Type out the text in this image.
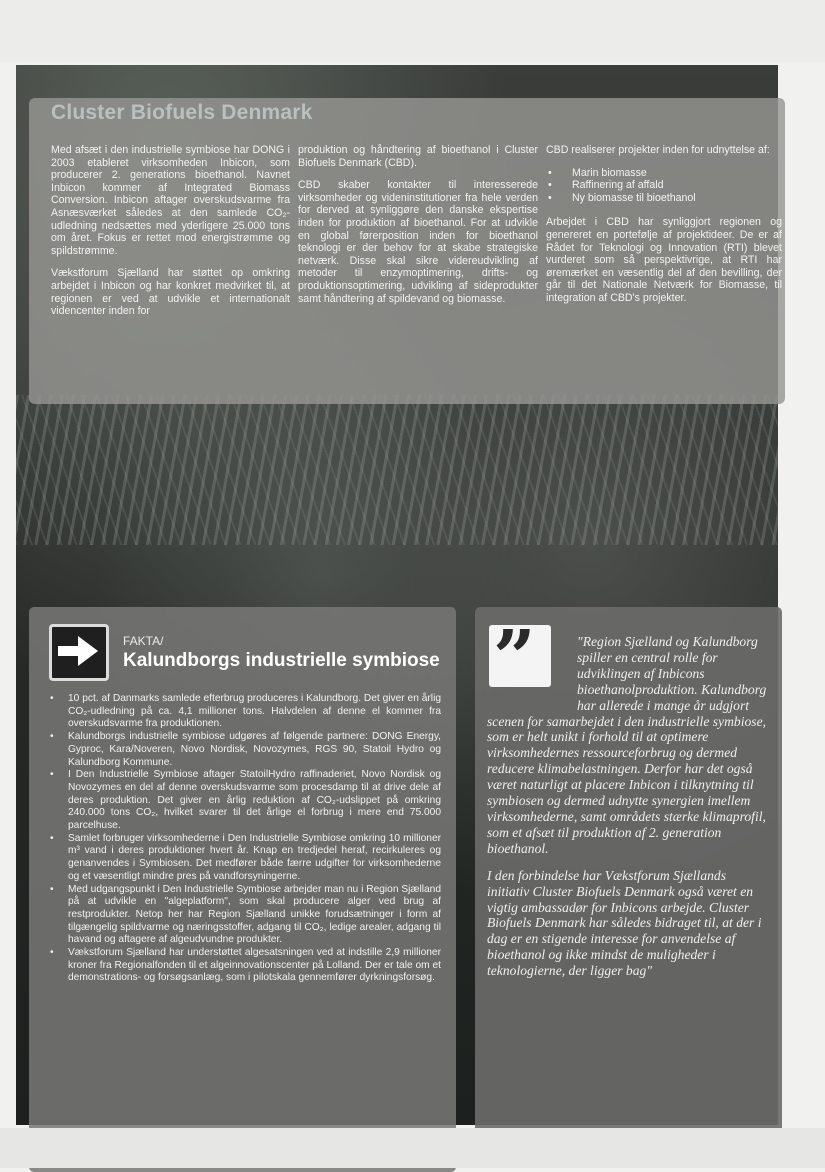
Cluster Biofuels Denmark

Med afsæt i den industrielle symbiose har DONG i 2003 etableret virksomheden Inbicon, som producerer 2. generations bioethanol. Navnet Inbicon kommer af Integrated Biomass Conversion. Inbicon aftager overskudsvarme fra Asnæsværket således at den samlede CO₂-udledning nedsættes med yderligere 25.000 tons om året. Fokus er rettet mod energistrømme og spildstrømme.

Vækstforum Sjælland har støttet op omkring arbejdet i Inbicon og har konkret medvirket til, at regionen er ved at udvikle et internationalt videncenter inden for

produktion og håndtering af bioethanol i Cluster Biofuels Denmark (CBD).

CBD skaber kontakter til interesserede virksomheder og videninstitutioner fra hele verden for derved at synliggøre den danske ekspertise inden for produktion af bioethanol. For at udvikle en global førerposition inden for bioethanol teknologi er der behov for at skabe strategiske netværk. Disse skal sikre videreudvikling af metoder til enzymoptimering, drifts- og produktionsoptimering, udvikling af sideprodukter samt håndtering af spildevand og biomasse.

CBD realiserer projekter inden for udnyttelse af:

• Marin biomasse
• Raffinering af affald
• Ny biomasse til bioethanol

Arbejdet i CBD har synliggjort regionen og genereret en portefølje af projektideer. De er af Rådet for Teknologi og Innovation (RTI) blevet vurderet som så perspektivrige, at RTI har øremærket en væsentlig del af den bevilling, der går til det Nationale Netværk for Biomasse, til integration af CBD's projekter.

FAKTA/

Kalundborgs industrielle symbiose
• 10 pct. af Danmarks samlede efterbrug produceres i Kalundborg. Det giver en årlig CO₂-udledning på ca. 4,1 millioner tons. Halvdelen af denne el kommer fra overskudsvarme fra produktionen.
• Kalundborgs industrielle symbiose udgøres af følgende partnere: DONG Energy, Gyproc, Kara/Noveren, Novo Nordisk, Novozymes, RGS 90, Statoil Hydro og Kalundborg Kommune.
• I Den Industrielle Symbiose aftager StatoilHydro raffinaderiet, Novo Nordisk og Novozymes en del af denne overskudsvarme som procesdamp til at drive dele af deres produktion. Det giver en årlig reduktion af CO₂-udslippet på omkring 240.000 tons CO₂, hvilket svarer til det årlige el forbrug i mere end 75.000 parcelhuse.
• Samlet forbruger virksomhederne i Den Industrielle Symbiose omkring 10 millioner m³ vand i deres produktioner hvert år. Knap en tredjedel heraf, recirkuleres og genanvendes i Symbiosen. Det medfører både færre udgifter for virksomhederne og et væsentligt mindre pres på vandforsyningerne.
• Med udgangspunkt i Den Industrielle Symbiose arbejder man nu i Region Sjælland på at udvikle en "algeplatform", som skal producere alger ved brug af restprodukter. Netop her har Region Sjælland unikke forudsætninger i form af tilgængelig spildvarme og næringsstoffer, adgang til CO₂, ledige arealer, adgang til havand og aftagere af algeudvundne produkter.
• Vækstforum Sjælland har understøttet algesatsningen ved at indstille 2,9 millioner kroner fra Regionalfonden til et algeinnovationscenter på Lolland. Der er tale om et demonstrations- og forsøgsanlæg, som i pilotskala gennemfører dyrkningsforsøg.
”	"Region Sjælland og Kalundborg spiller en central rolle for udviklingen af Inbicons bioethanolproduktion. Kalundborg har allerede i mange år udgjort scenen for samarbejdet i den industrielle symbiose, som er helt unikt i forhold til at optimere virksomhedernes ressourceforbrug og dermed reducere klimabelastningen. Derfor har det også været naturligt at placere Inbicon i tilknytning til symbiosen og dermed udnytte synergien imellem virksomhederne, samt områdets stærke klimaprofil, som et afsæt til produktion af 2. generation bioethanol.

I den forbindelse har Vækstforum Sjællands initiativ Cluster Biofuels Denmark også været en vigtig ambassadør for Inbicons arbejde. Cluster Biofuels Denmark har således bidraget til, at der i dag er en stigende interesse for anvendelse af bioethanol og ikke mindst de muligheder i teknologierne, der ligger bag"
